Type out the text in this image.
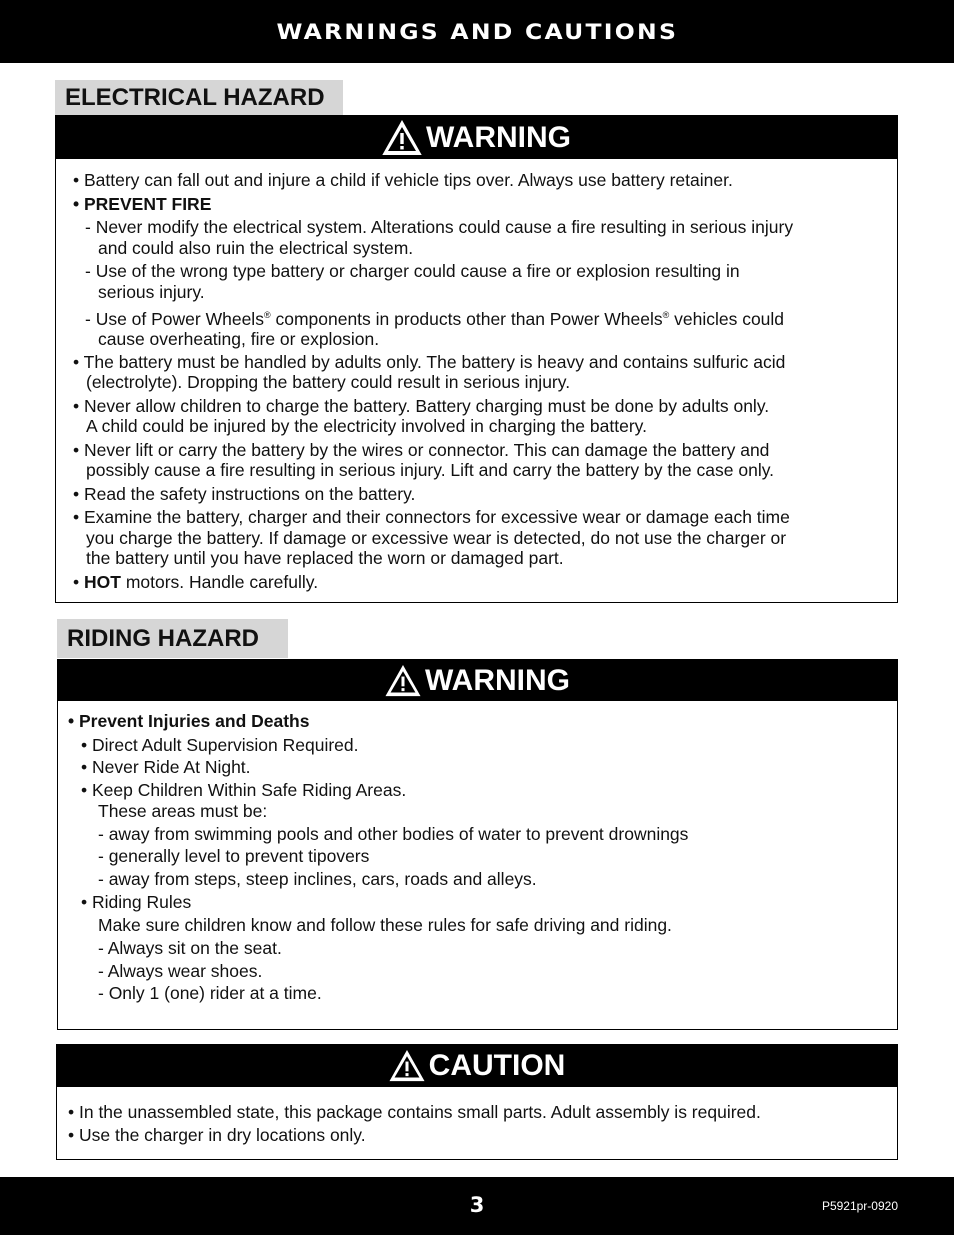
WARNINGS AND CAUTIONS
ELECTRICAL HAZARD
WARNING

• Battery can fall out and injure a child if vehicle tips over. Always use battery retainer.

• PREVENT FIRE

- Never modify the electrical system. Alterations could cause a fire resulting in serious injury

and could also ruin the electrical system.

- Use of the wrong type battery or charger could cause a fire or explosion resulting in

serious injury.

- Use of Power Wheels® components in products other than Power Wheels® vehicles could

cause overheating, fire or explosion.

• The battery must be handled by adults only. The battery is heavy and contains sulfuric acid

(electrolyte). Dropping the battery could result in serious injury.

• Never allow children to charge the battery. Battery charging must be done by adults only.

A child could be injured by the electricity involved in charging the battery.

• Never lift or carry the battery by the wires or connector. This can damage the battery and

possibly cause a fire resulting in serious injury. Lift and carry the battery by the case only.

• Read the safety instructions on the battery.

• Examine the battery, charger and their connectors for excessive wear or damage each time

you charge the battery. If damage or excessive wear is detected, do not use the charger or

the battery until you have replaced the worn or damaged part.

• HOT motors. Handle carefully.

RIDING HAZARD
WARNING

• Prevent Injuries and Deaths

• Direct Adult Supervision Required.

• Never Ride At Night.

• Keep Children Within Safe Riding Areas.

These areas must be:

- away from swimming pools and other bodies of water to prevent drownings

- generally level to prevent tipovers

- away from steps, steep inclines, cars, roads and alleys.

• Riding Rules

Make sure children know and follow these rules for safe driving and riding.

- Always sit on the seat.

- Always wear shoes.

- Only 1 (one) rider at a time.

CAUTION

• In the unassembled state, this package contains small parts. Adult assembly is required.

• Use the charger in dry locations only.

3	P5921pr-0920
